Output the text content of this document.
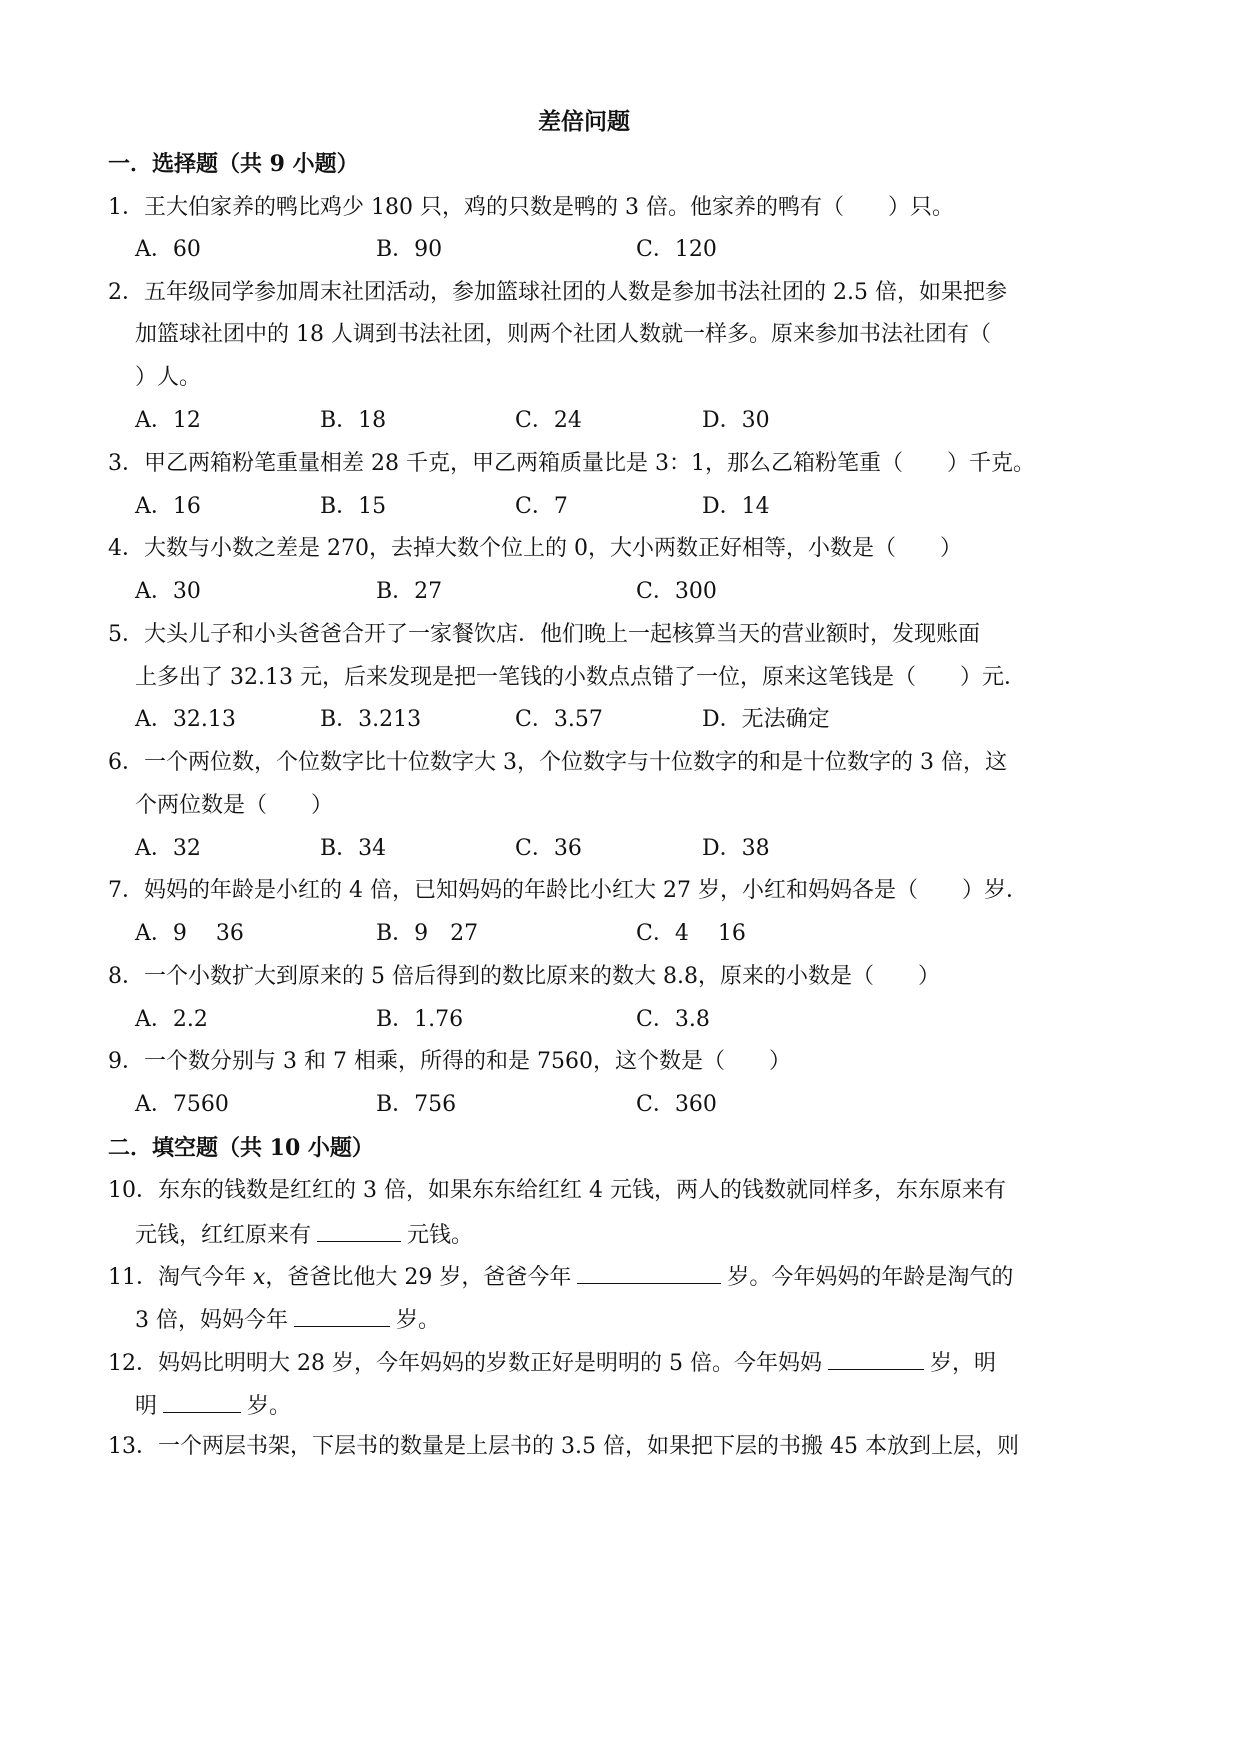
差倍问题
一．选择题（共 9 小题）
1．王大伯家养的鸭比鸡少 180 只，鸡的只数是鸭的 3 倍。他家养的鸭有（　　）只。
A．60	B．90	C．120
2．五年级同学参加周末社团活动，参加篮球社团的人数是参加书法社团的 2.5 倍，如果把参
加篮球社团中的 18 人调到书法社团，则两个社团人数就一样多。原来参加书法社团有（
）人。
A．12	B．18	C．24	D．30
3．甲乙两箱粉笔重量相差 28 千克，甲乙两箱质量比是 3：1，那么乙箱粉笔重（　　）千克。
A．16	B．15	C．7	D．14
4．大数与小数之差是 270，去掉大数个位上的 0，大小两数正好相等，小数是（　　）
A．30	B．27	C．300
5．大头儿子和小头爸爸合开了一家餐饮店．他们晚上一起核算当天的营业额时，发现账面
上多出了 32.13 元，后来发现是把一笔钱的小数点点错了一位，原来这笔钱是（　　）元．
A．32.13	B．3.213	C．3.57	D．无法确定
6．一个两位数，个位数字比十位数字大 3，个位数字与十位数字的和是十位数字的 3 倍，这
个两位数是（　　）
A．32	B．34	C．36	D．38
7．妈妈的年龄是小红的 4 倍，已知妈妈的年龄比小红大 27 岁，小红和妈妈各是（　　）岁．
A．9　 36	B．9　27	C．4　 16
8．一个小数扩大到原来的 5 倍后得到的数比原来的数大 8.8，原来的小数是（　　）
A．2.2	B．1.76	C．3.8
9．一个数分别与 3 和 7 相乘，所得的和是 7560，这个数是（　　）
A．7560	B．756	C．360
二．填空题（共 10 小题）
10．东东的钱数是红红的 3 倍，如果东东给红红 4 元钱，两人的钱数就同样多，东东原来有
元钱，红红原来有	元钱。
11．淘气今年 x，爸爸比他大 29 岁，爸爸今年	岁。今年妈妈的年龄是淘气的
3 倍，妈妈今年	岁。
12．妈妈比明明大 28 岁，今年妈妈的岁数正好是明明的 5 倍。今年妈妈	岁，明
明	岁。
13．一个两层书架，下层书的数量是上层书的 3.5 倍，如果把下层的书搬 45 本放到上层，则
